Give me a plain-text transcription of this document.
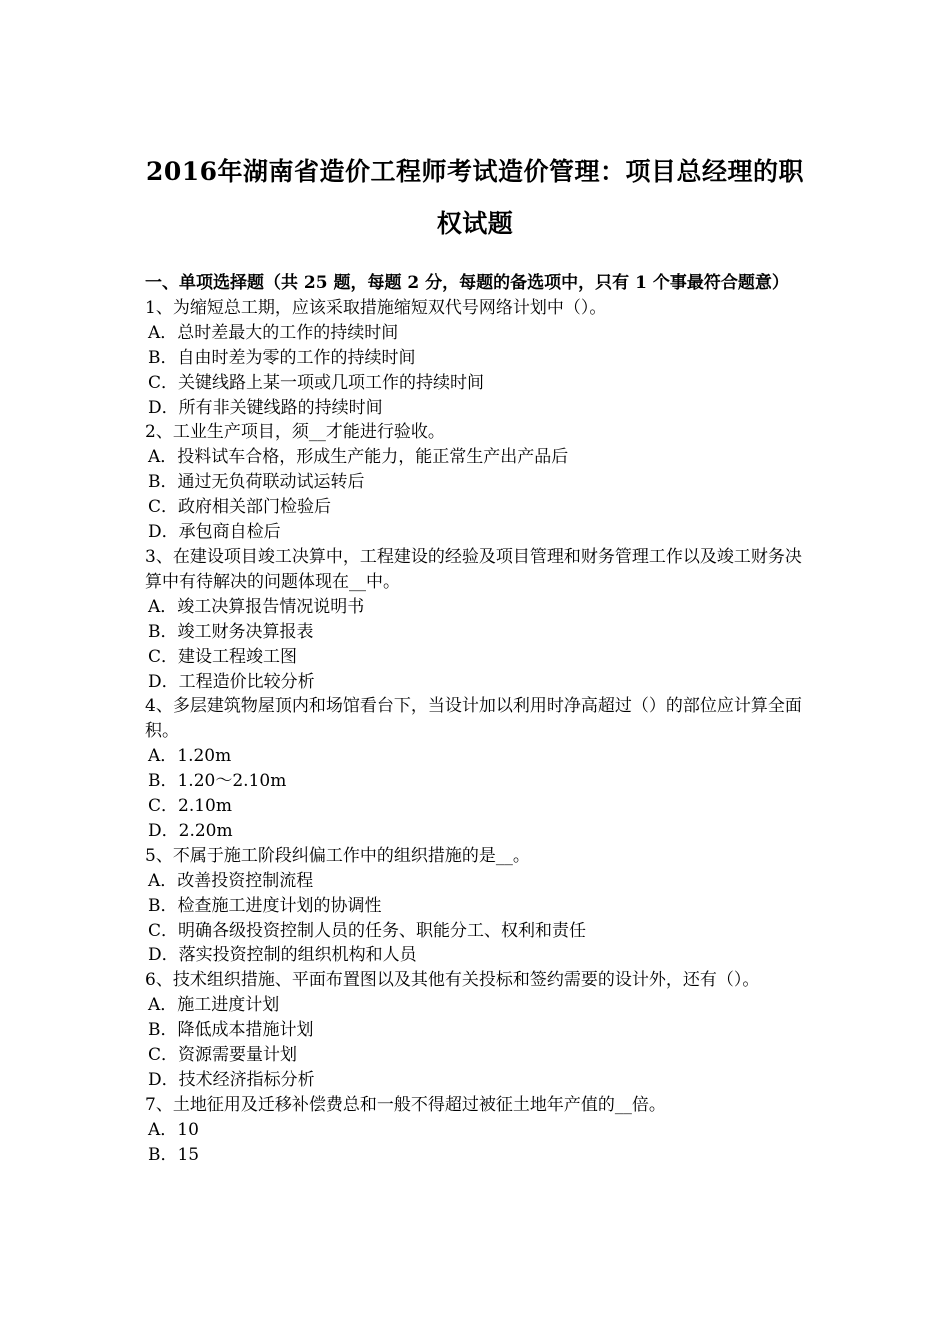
2016年湖南省造价工程师考试造价管理：项目总经理的职
权试题
一、单项选择题（共 25 题，每题 2 分，每题的备选项中，只有 1 个事最符合题意）
1、为缩短总工期，应该采取措施缩短双代号网络计划中（）。
A．总时差最大的工作的持续时间
B．自由时差为零的工作的持续时间
C．关键线路上某一项或几项工作的持续时间
D．所有非关键线路的持续时间
2、工业生产项目，须__才能进行验收。
A．投料试车合格，形成生产能力，能正常生产出产品后
B．通过无负荷联动试运转后
C．政府相关部门检验后
D．承包商自检后
3、在建设项目竣工决算中，工程建设的经验及项目管理和财务管理工作以及竣工财务决算中有待解决的问题体现在__中。
A．竣工决算报告情况说明书
B．竣工财务决算报表
C．建设工程竣工图
D．工程造价比较分析
4、多层建筑物屋顶内和场馆看台下，当设计加以利用时净高超过（）的部位应计算全面积。
A．1.20m
B．1.20～2.10m
C．2.10m
D．2.20m
5、不属于施工阶段纠偏工作中的组织措施的是__。
A．改善投资控制流程
B．检查施工进度计划的协调性
C．明确各级投资控制人员的任务、职能分工、权利和责任
D．落实投资控制的组织机构和人员
6、技术组织措施、平面布置图以及其他有关投标和签约需要的设计外，还有（）。
A．施工进度计划
B．降低成本措施计划
C．资源需要量计划
D．技术经济指标分析
7、土地征用及迁移补偿费总和一般不得超过被征土地年产值的__倍。
A．10
B．15
